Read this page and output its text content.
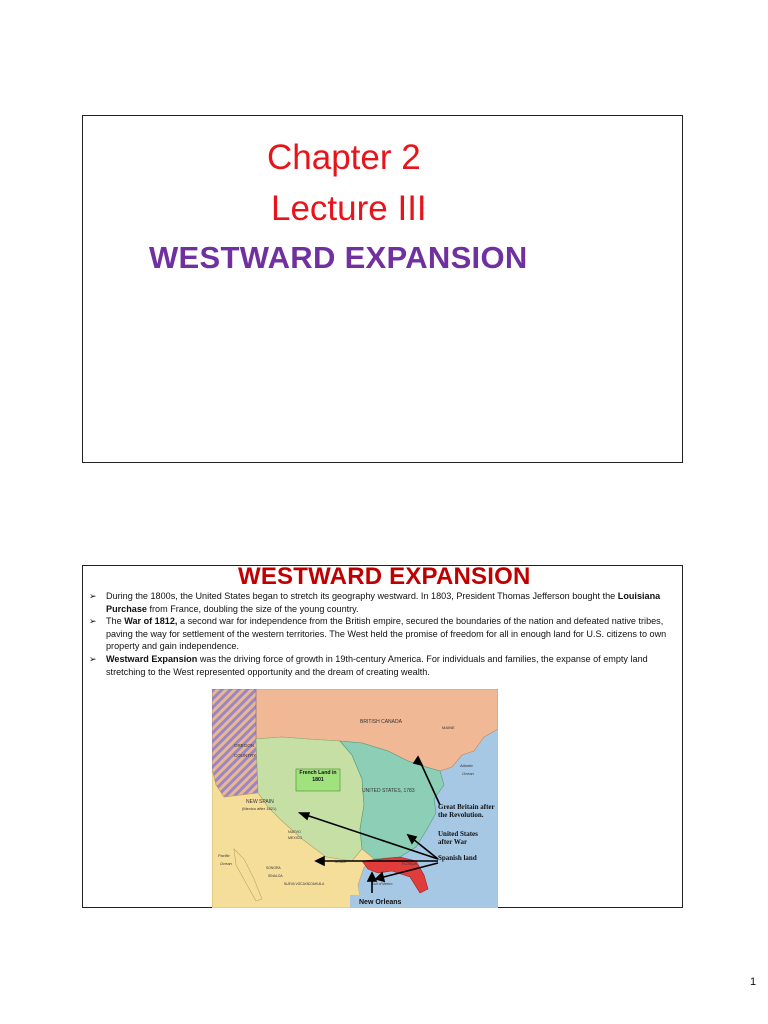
Chapter 2
Lecture III
WESTWARD EXPANSION
WESTWARD EXPANSION
➢ During the 1800s, the United States began to stretch its geography westward. In 1803, President Thomas Jefferson bought the Louisiana Purchase from France, doubling the size of the young country.
➢ The War of 1812, a second war for independence from the British empire, secured the boundaries of the nation and defeated native tribes, paving the way for settlement of the western territories. The West held the promise of freedom for all in enough land for U.S. citizens to own property and gain independence.
➢ Westward Expansion was the driving force of growth in 19th-century America. For individuals and families, the expanse of empty land stretching to the West represented opportunity and the dream of creating wealth.
BRITISH CANADA
OREGON
COUNTRY
MAINE
Atlantic
Ocean
UNITED STATES, 1783
NEW SPAIN
(Mexico after 1821)
NUEVO
MEXICO
Pacific
Ocean	TEXAS
SONORA
SINALOA
NUEVA VIZCAYA COAHUILA
FLORIDA
Gulf of Mexico
French Land in 1801
New Orleans
Great Britain after the Revolution.
United States after War
Spanish land
1
